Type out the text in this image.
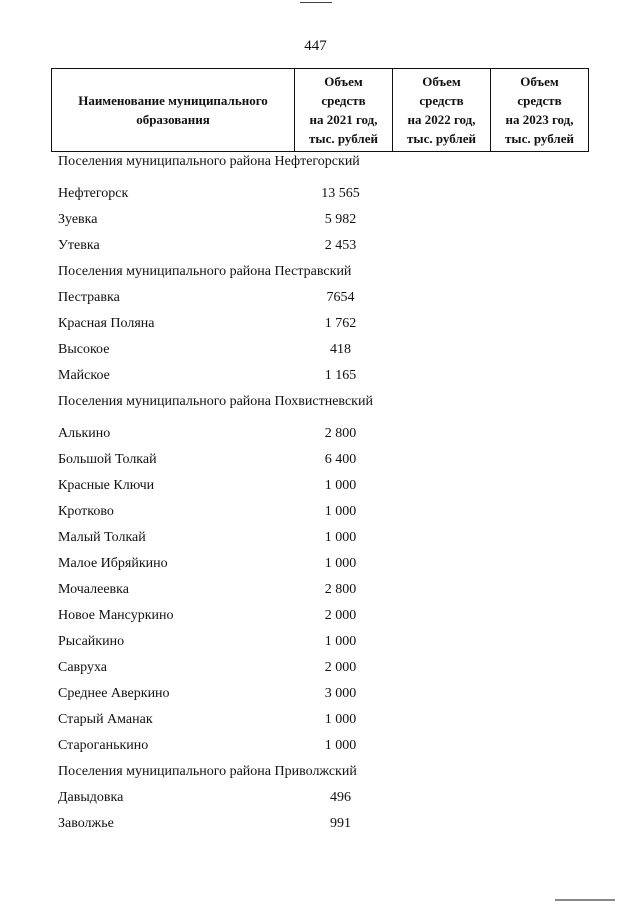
447
Наименование муниципального
образования	Объем
средств
на 2021 год,
тыс. рублей	Объем
средств
на 2022 год,
тыс. рублей	Объем
средств
на 2023 год,
тыс. рублей
Поселения муниципального района Нефтегорский
Нефтегорск	13 565
Зуевка	5 982
Утевка	2 453
Поселения муниципального района Пестравский
Пестравка	7654
Красная Поляна	1 762
Высокое	418
Майское	1 165
Поселения муниципального района Похвистневский
Алькино	2 800
Большой Толкай	6 400
Красные Ключи	1 000
Кротково	1 000
Малый Толкай	1 000
Малое Ибряйкино	1 000
Мочалеевка	2 800
Новое Мансуркино	2 000
Рысайкино	1 000
Савруха	2 000
Среднее Аверкино	3 000
Старый Аманак	1 000
Староганькино	1 000
Поселения муниципального района Приволжский
Давыдовка	496
Заволжье	991
